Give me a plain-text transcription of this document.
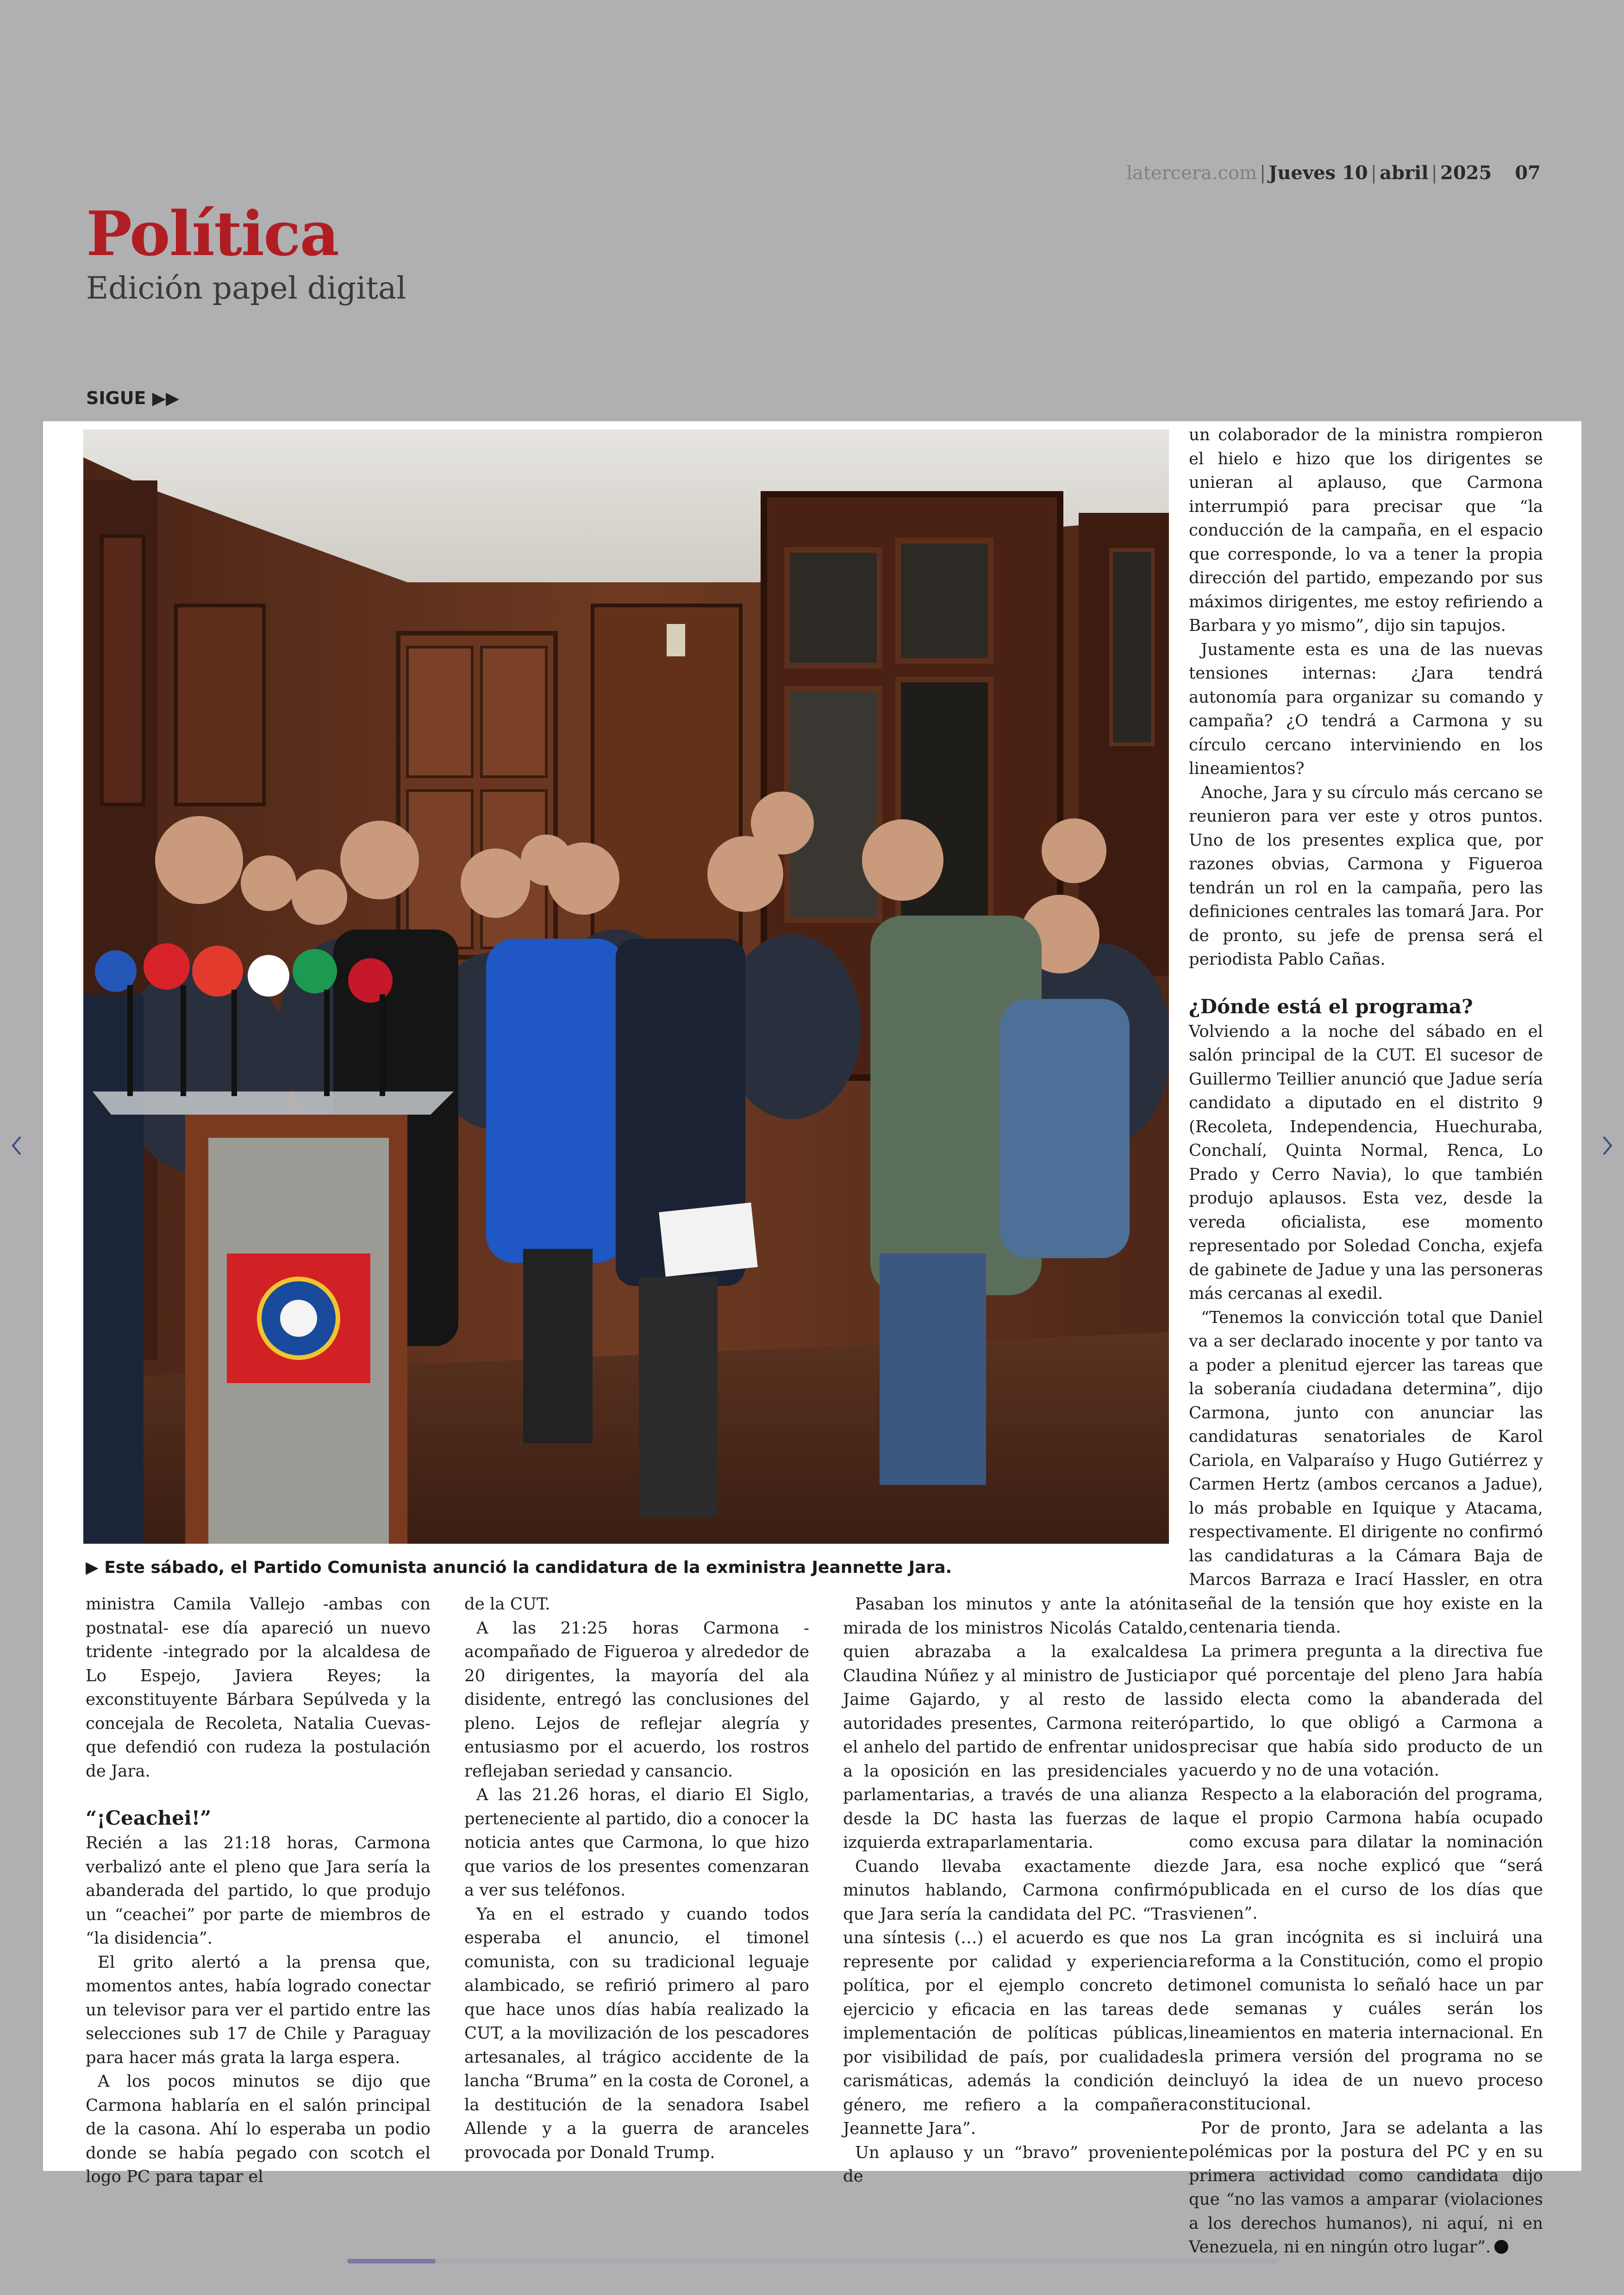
latercera.com | Jueves 10 | abril | 2025 07
Política
Edición papel digital
SIGUE ▶▶
▶ Este sábado, el Partido Comunista anunció la candidatura de la exministra Jeannette Jara.

ministra Camila Vallejo -ambas con postnatal- ese día apareció un nuevo tridente -integrado por la alcaldesa de Lo Espejo, Javiera Reyes; la exconstituyente Bárbara Sepúlveda y la concejala de Recoleta, Natalia Cuevas- que defendió con rudeza la postulación de Jara.

“¡Ceachei!”

Recién a las 21:18 horas, Carmona verbalizó ante el pleno que Jara sería la abanderada del partido, lo que produjo un “ceachei” por parte de miembros de “la disidencia”.

El grito alertó a la prensa que, momentos antes, había logrado conectar un televisor para ver el partido entre las selecciones sub 17 de Chile y Paraguay para hacer más grata la larga espera.

A los pocos minutos se dijo que Carmona hablaría en el salón principal de la casona. Ahí lo esperaba un podio donde se había pegado con scotch el logo PC para tapar el

de la CUT.

A las 21:25 horas Carmona -acompañado de Figueroa y alrededor de 20 dirigentes, la mayoría del ala disidente, entregó las conclusiones del pleno. Lejos de reflejar alegría y entusiasmo por el acuerdo, los rostros reflejaban seriedad y cansancio.

A las 21.26 horas, el diario El Siglo, perteneciente al partido, dio a conocer la noticia antes que Carmona, lo que hizo que varios de los presentes comenzaran a ver sus teléfonos.

Ya en el estrado y cuando todos esperaba el anuncio, el timonel comunista, con su tradicional leguaje alambicado, se refirió primero al paro que hace unos días había realizado la CUT, a la movilización de los pescadores artesanales, al trágico accidente de la lancha “Bruma” en la costa de Coronel, a la destitución de la senadora Isabel Allende y a la guerra de aranceles provocada por Donald Trump.

Pasaban los minutos y ante la atónita mirada de los ministros Nicolás Cataldo, quien abrazaba a la exalcaldesa Claudina Núñez y al ministro de Justicia Jaime Gajardo, y al resto de las autoridades presentes, Carmona reiteró el anhelo del partido de enfrentar unidos a la oposición en las presidenciales y parlamentarias, a través de una alianza desde la DC hasta las fuerzas de la izquierda extraparlamentaria.

Cuando llevaba exactamente diez minutos hablando, Carmona confirmó que Jara sería la candidata del PC. “Tras una síntesis (…) el acuerdo es que nos represente por calidad y experiencia política, por el ejemplo concreto de ejercicio y eficacia en las tareas de implementación de políticas públicas, por visibilidad de país, por cualidades carismáticas, además la condición de género, me refiero a la compañera Jeannette Jara”.

Un aplauso y un “bravo” proveniente de

un colaborador de la ministra rompieron el hielo e hizo que los dirigentes se unieran al aplauso, que Carmona interrumpió para precisar que “la conducción de la campaña, en el espacio que corresponde, lo va a tener la propia dirección del partido, empezando por sus máximos dirigentes, me estoy refiriendo a Barbara y yo mismo”, dijo sin tapujos.

Justamente esta es una de las nuevas tensiones internas: ¿Jara tendrá autonomía para organizar su comando y campaña? ¿O tendrá a Carmona y su círculo cercano interviniendo en los lineamientos?

Anoche, Jara y su círculo más cercano se reunieron para ver este y otros puntos. Uno de los presentes explica que, por razones obvias, Carmona y Figueroa tendrán un rol en la campaña, pero las definiciones centrales las tomará Jara. Por de pronto, su jefe de prensa será el periodista Pablo Cañas.

¿Dónde está el programa?

Volviendo a la noche del sábado en el salón principal de la CUT. El sucesor de Guillermo Teillier anunció que Jadue sería candidato a diputado en el distrito 9 (Recoleta, Independencia, Huechuraba, Conchalí, Quinta Normal, Renca, Lo Prado y Cerro Navia), lo que también produjo aplausos. Esta vez, desde la vereda oficialista, ese momento representado por Soledad Concha, exjefa de gabinete de Jadue y una las personeras más cercanas al exedil.

“Tenemos la convicción total que Daniel va a ser declarado inocente y por tanto va a poder a plenitud ejercer las tareas que la soberanía ciudadana determina”, dijo Carmona, junto con anunciar las candidaturas senatoriales de Karol Cariola, en Valparaíso y Hugo Gutiérrez y Carmen Hertz (ambos cercanos a Jadue), lo más probable en Iquique y Atacama, respectivamente. El dirigente no confirmó las candidaturas a la Cámara Baja de Marcos Barraza e Irací Hassler, en otra señal de la tensión que hoy existe en la centenaria tienda.

La primera pregunta a la directiva fue por qué porcentaje del pleno Jara había sido electa como la abanderada del partido, lo que obligó a Carmona a precisar que había sido producto de un acuerdo y no de una votación.

Respecto a la elaboración del programa, que el propio Carmona había ocupado como excusa para dilatar la nominación de Jara, esa noche explicó que “será publicada en el curso de los días que vienen”.

La gran incógnita es si incluirá una reforma a la Constitución, como el propio timonel comunista lo señaló hace un par de semanas y cuáles serán los lineamientos en materia internacional. En la primera versión del programa no se incluyó la idea de un nuevo proceso constitucional.

Por de pronto, Jara se adelanta a las polémicas por la postura del PC y en su primera actividad como candidata dijo que “no las vamos a amparar (violaciones a los derechos humanos), ni aquí, ni en Venezuela, ni en ningún otro lugar”.
